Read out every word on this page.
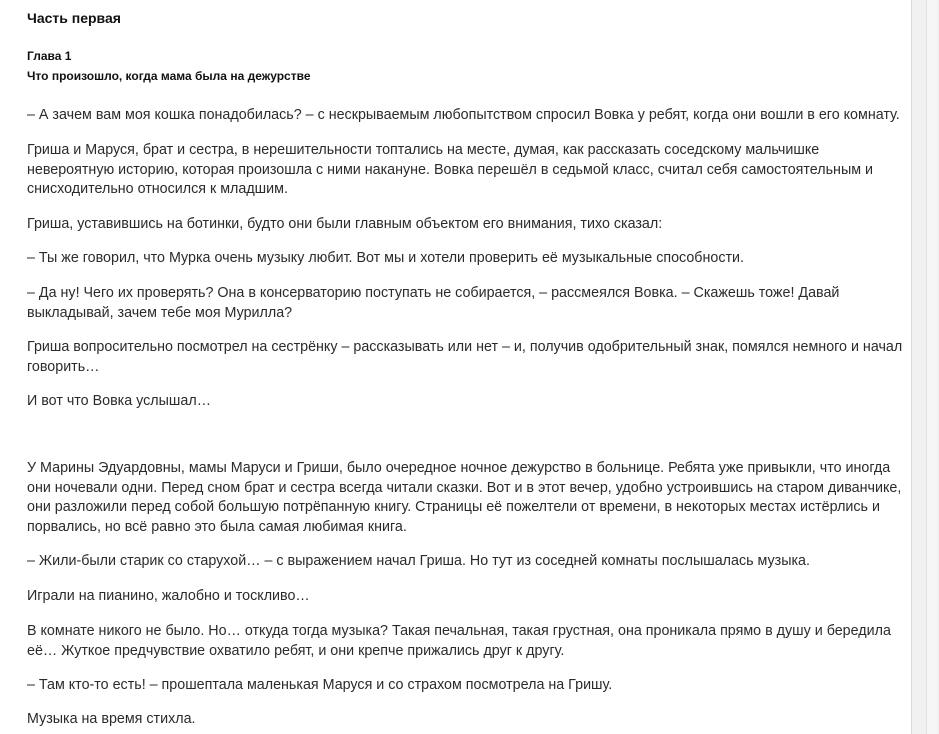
Часть первая
Глава 1
Что произошло, когда мама была на дежурстве

– А зачем вам моя кошка понадобилась? – с нескрываемым любопытством спросил Вовка у ребят, когда они вошли в его комнату.

Гриша и Маруся, брат и сестра, в нерешительности топтались на месте, думая, как рассказать соседскому мальчишке невероятную историю, которая произошла с ними накануне. Вовка перешёл в седьмой класс, считал себя самостоятельным и снисходительно относился к младшим.

Гриша, уставившись на ботинки, будто они были главным объектом его внимания, тихо сказал:

– Ты же говорил, что Мурка очень музыку любит. Вот мы и хотели проверить её музыкальные способности.

– Да ну! Чего их проверять? Она в консерваторию поступать не собирается, – рассмеялся Вовка. – Скажешь тоже! Давай выкладывай, зачем тебе моя Мурилла?

Гриша вопросительно посмотрел на сестрёнку – рассказывать или нет – и, получив одобрительный знак, помялся немного и начал говорить…

И вот что Вовка услышал…

У Марины Эдуардовны, мамы Маруси и Гриши, было очередное ночное дежурство в больнице. Ребята уже привыкли, что иногда они ночевали одни. Перед сном брат и сестра всегда читали сказки. Вот и в этот вечер, удобно устроившись на старом диванчике, они разложили перед собой большую потрёпанную книгу. Страницы её пожелтели от времени, в некоторых местах истёрлись и порвались, но всё равно это была самая любимая книга.

– Жили-были старик со старухой… – с выражением начал Гриша. Но тут из соседней комнаты послышалась музыка.

Играли на пианино, жалобно и тоскливо…

В комнате никого не было. Но… откуда тогда музыка? Такая печальная, такая грустная, она проникала прямо в душу и бередила её… Жуткое предчувствие охватило ребят, и они крепче прижались друг к другу.

– Там кто-то есть! – прошептала маленькая Маруся и со страхом посмотрела на Гришу.

Музыка на время стихла.
